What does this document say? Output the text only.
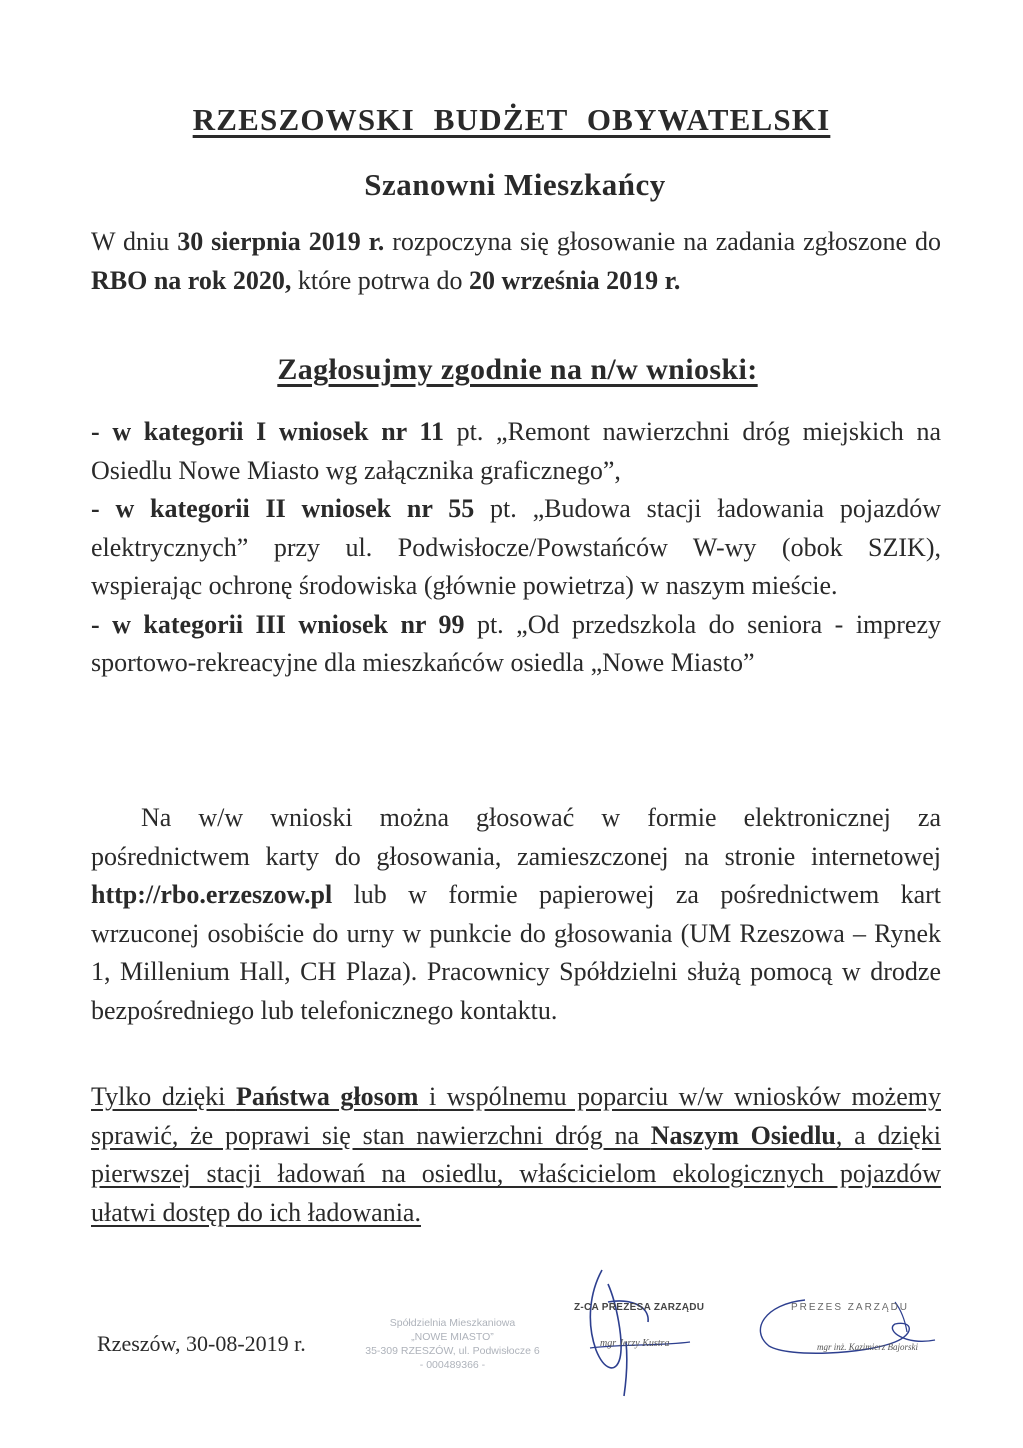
RZESZOWSKI BUDŻET OBYWATELSKI
Szanowni Mieszkańcy
W dniu 30 sierpnia 2019 r. rozpoczyna się głosowanie na zadania zgłoszone do RBO na rok 2020, które potrwa do 20 września 2019 r.
Zagłosujmy zgodnie na n/w wnioski:

- w kategorii I wniosek nr 11 pt. „Remont nawierzchni dróg miejskich na Osiedlu Nowe Miasto wg załącznika graficznego”,

- w kategorii II wniosek nr 55 pt. „Budowa stacji ładowania pojazdów elektrycznych” przy ul. Podwisłocze/Powstańców W-wy (obok SZIK), wspierając ochronę środowiska (głównie powietrza) w naszym mieście.

- w kategorii III wniosek nr 99 pt. „Od przedszkola do seniora - imprezy sportowo-rekreacyjne dla mieszkańców osiedla „Nowe Miasto”

Na w/w wnioski można głosować w formie elektronicznej za pośrednictwem karty do głosowania, zamieszczonej na stronie internetowej http://rbo.erzeszow.pl lub w formie papierowej za pośrednictwem kart wrzuconej osobiście do urny w punkcie do głosowania (UM Rzeszowa – Rynek 1, Millenium Hall, CH Plaza). Pracownicy Spółdzielni służą pomocą w drodze bezpośredniego lub telefonicznego kontaktu.
Tylko dzięki Państwa głosom i wspólnemu poparciu w/w wniosków możemy sprawić, że poprawi się stan nawierzchni dróg na Naszym Osiedlu, a dzięki pierwszej stacji ładowań na osiedlu, właścicielom ekologicznych pojazdów ułatwi dostęp do ich ładowania.
Rzeszów, 30-08-2019 r.
Spółdzielnia Mieszkaniowa
„NOWE MIASTO”
35-309 RZESZÓW, ul. Podwisłocze 6
- 000489366 -
Z-CA PREZESA ZARZĄDU
mgr Jerzy Kustra
PREZES ZARZĄDU
mgr inż. Kazimierz Bajorski
